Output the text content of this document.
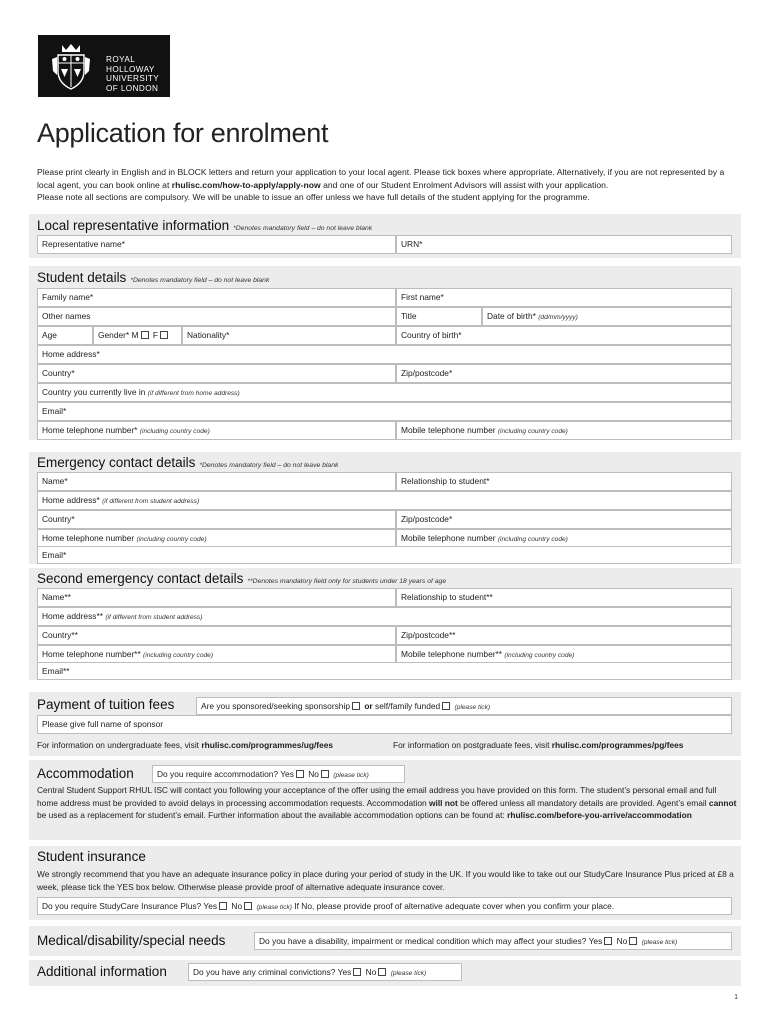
ROYAL
HOLLOWAY
UNIVERSITY
OF LONDON
Application for enrolment

Please print clearly in English and in BLOCK letters and return your application to your local agent. Please tick boxes where appropriate. Alternatively, if you are not represented by a local agent, you can book online at rhulisc.com/how-to-apply/apply-now and one of our Student Enrolment Advisors will assist with your application.

Please note all sections are compulsory. We will be unable to issue an offer unless we have full details of the student applying for the programme.

Local representative information *Denotes mandatory field – do not leave blank
Representative name*	URN*
Student details *Denotes mandatory field – do not leave blank
Family name*	First name*
Other names	Title	Date of birth* (dd/mm/yyyy)
Age	Gender* M F	Nationality*	Country of birth*
Home address*
Country*	Zip/postcode*
Country you currently live in (if different from home address)
Email*
Home telephone number* (including country code)	Mobile telephone number (including country code)
Emergency contact details *Denotes mandatory field – do not leave blank
Name*	Relationship to student*
Home address* (if different from student address)
Country*	Zip/postcode*
Home telephone number (including country code)	Mobile telephone number (including country code)
Email*
Second emergency contact details **Denotes mandatory field only for students under 18 years of age
Name**	Relationship to student**
Home address** (if different from student address)
Country**	Zip/postcode**
Home telephone number** (including country code)	Mobile telephone number** (including country code)
Email**
Payment of tuition fees	Are you sponsored/seeking sponsorship or self/family funded (please tick)
Please give full name of sponsor
For information on undergraduate fees, visit rhulisc.com/programmes/ug/fees	For information on postgraduate fees, visit rhulisc.com/programmes/pg/fees
Accommodation	Do you require accommodation? Yes No (please tick)

Central Student Support RHUL ISC will contact you following your acceptance of the offer using the email address you have provided on this form. The student’s personal email and full home address must be provided to avoid delays in processing accommodation requests. Accommodation will not be offered unless all mandatory details are provided. Agent’s email cannot be used as a replacement for student’s email. Further information about the available accommodation options can be found at: rhulisc.com/before-you-arrive/accommodation

Student insurance

We strongly recommend that you have an adequate insurance policy in place during your period of study in the UK. If you would like to take out our StudyCare Insurance Plus priced at £8 a week, please tick the YES box below. Otherwise please provide proof of alternative adequate insurance cover.

Do you require StudyCare Insurance Plus? Yes No (please tick) If No, please provide proof of alternative adequate cover when you confirm your place.
Medical/disability/special needs	Do you have a disability, impairment or medical condition which may affect your studies? Yes No (please tick)
Additional information	Do you have any criminal convictions? Yes No (please tick)
1
